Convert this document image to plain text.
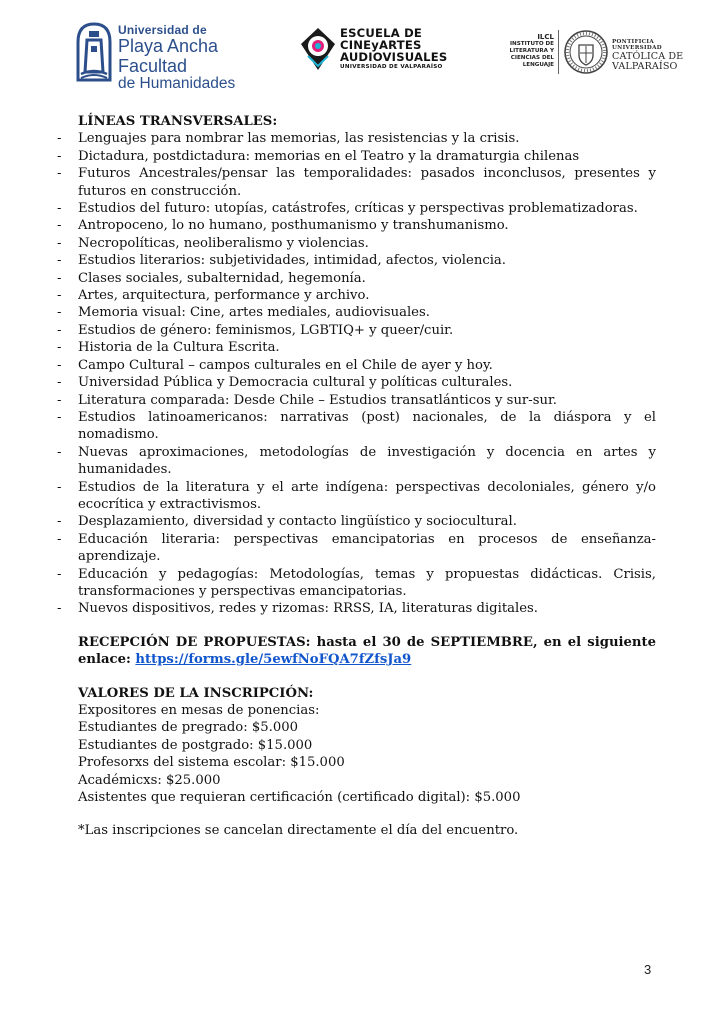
Universidad de
Playa Ancha
Facultad
de Humanidades
ESCUELA DE
CINEyARTES
AUDIOVISUALES
UNIVERSIDAD DE VALPARAÍSO
ILCL
INSTITUTO DE
LITERATURA Y
CIENCIAS DEL
LENGUAJE
PONTIFICIA
UNIVERSIDAD
CATÓLICA DE
VALPARAÍSO

LÍNEAS TRANSVERSALES:

- Lenguajes para nombrar las memorias, las resistencias y la crisis.
- Dictadura, postdictadura: memorias en el Teatro y la dramaturgia chilenas
- Futuros Ancestrales/pensar las temporalidades: pasados inconclusos, presentes y futuros en construcción.
- Estudios del futuro: utopías, catástrofes, críticas y perspectivas problematizadoras.
- Antropoceno, lo no humano, posthumanismo y transhumanismo.
- Necropolíticas, neoliberalismo y violencias.
- Estudios literarios: subjetividades, intimidad, afectos, violencia.
- Clases sociales, subalternidad, hegemonía.
- Artes, arquitectura, performance y archivo.
- Memoria visual: Cine, artes mediales, audiovisuales.
- Estudios de género: feminismos, LGBTIQ+ y queer/cuir.
- Historia de la Cultura Escrita.
- Campo Cultural – campos culturales en el Chile de ayer y hoy.
- Universidad Pública y Democracia cultural y políticas culturales.
- Literatura comparada: Desde Chile – Estudios transatlánticos y sur-sur.
- Estudios latinoamericanos: narrativas (post) nacionales, de la diáspora y el nomadismo.
- Nuevas aproximaciones, metodologías de investigación y docencia en artes y humanidades.
- Estudios de la literatura y el arte indígena: perspectivas decoloniales, género y/o ecocrítica y extractivismos.
- Desplazamiento, diversidad y contacto lingüístico y sociocultural.
- Educación literaria: perspectivas emancipatorias en procesos de enseñanza-aprendizaje.
- Educación y pedagogías: Metodologías, temas y propuestas didácticas. Crisis, transformaciones y perspectivas emancipatorias.
- Nuevos dispositivos, redes y rizomas: RRSS, IA, literaturas digitales.

RECEPCIÓN DE PROPUESTAS: hasta el 30 de SEPTIEMBRE, en el siguiente enlace: https://forms.gle/5ewfNoFQA7fZfsJa9

VALORES DE LA INSCRIPCIÓN:

Expositores en mesas de ponencias:

Estudiantes de pregrado: $5.000

Estudiantes de postgrado: $15.000

Profesorxs del sistema escolar: $15.000

Académicxs: $25.000

Asistentes que requieran certificación (certificado digital): $5.000

*Las inscripciones se cancelan directamente el día del encuentro.

3
